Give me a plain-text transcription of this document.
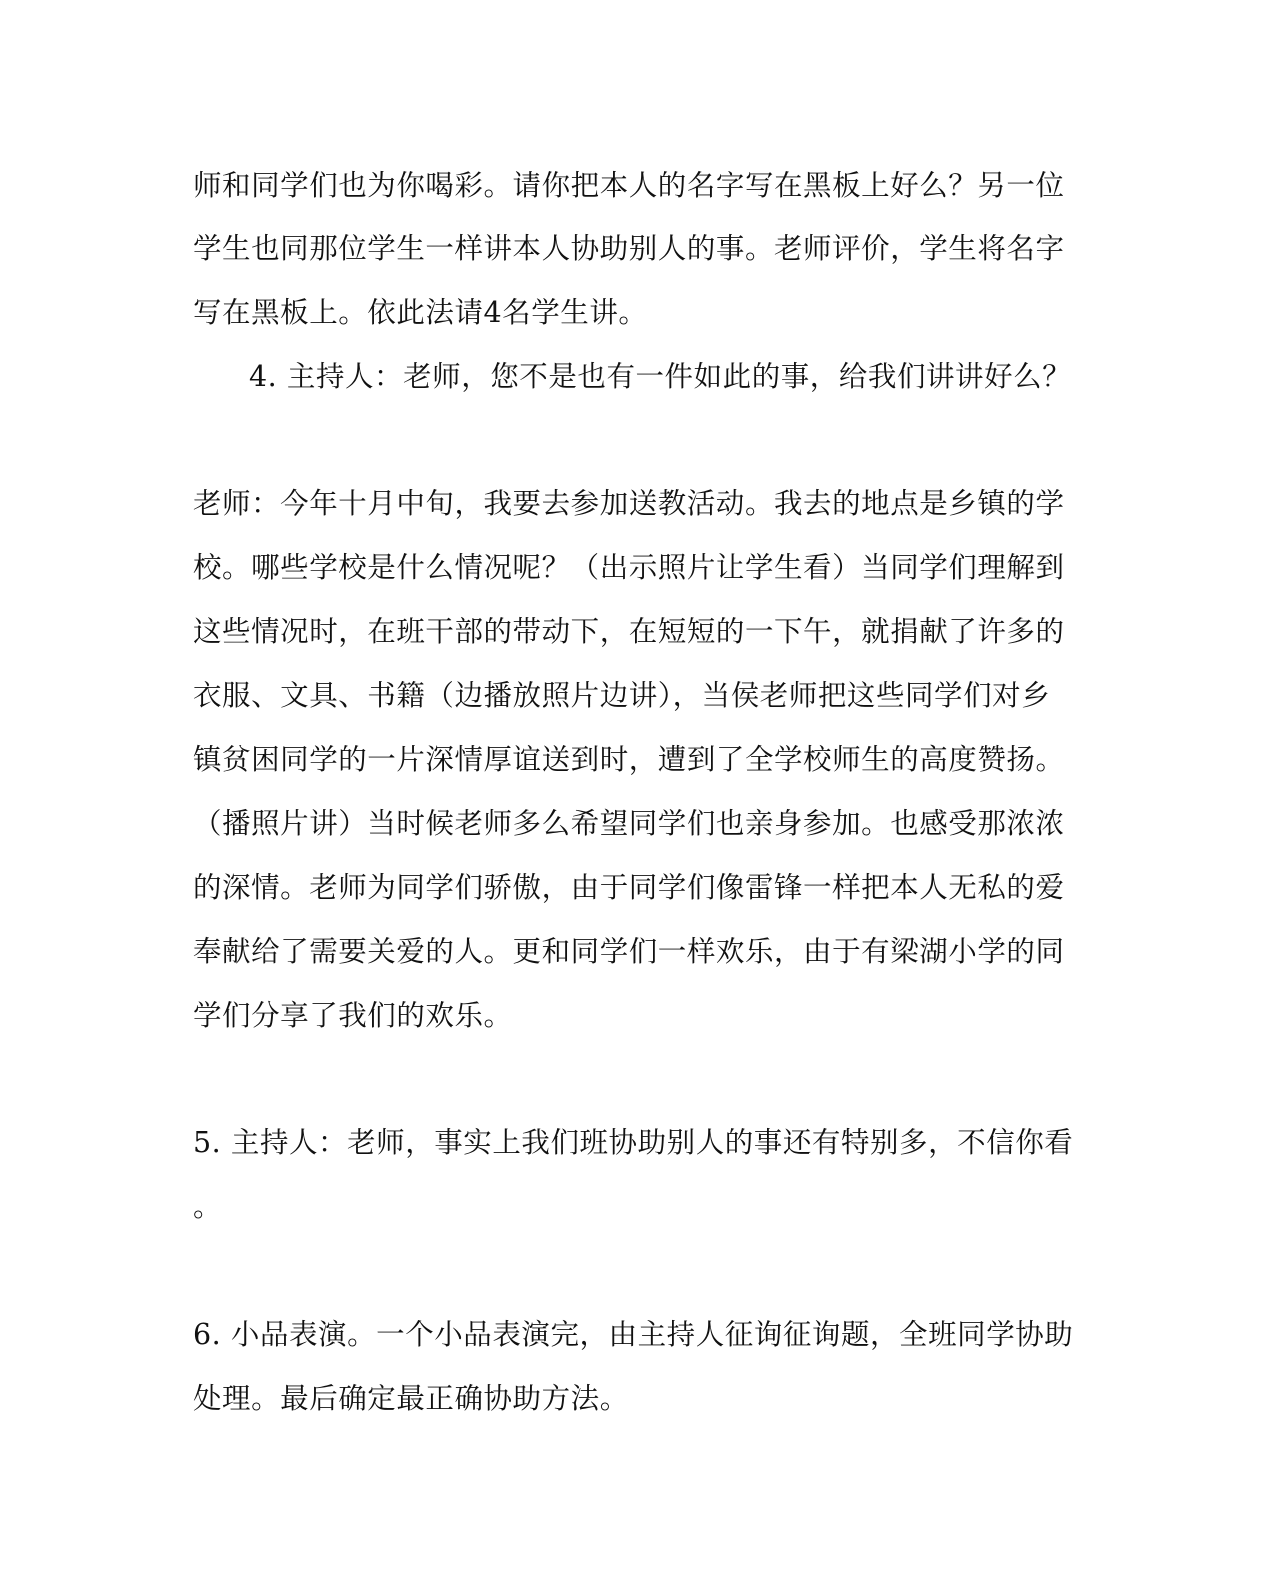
师和同学们也为你喝彩。请你把本人的名字写在黑板上好么？另一位
学生也同那位学生一样讲本人协助别人的事。老师评价，学生将名字
写在黑板上。依此法请4名学生讲。
4. 主持人：老师，您不是也有一件如此的事，给我们讲讲好么？
老师：今年十月中旬，我要去参加送教活动。我去的地点是乡镇的学
校。哪些学校是什么情况呢？（出示照片让学生看）当同学们理解到
这些情况时，在班干部的带动下，在短短的一下午，就捐献了许多的
衣服、文具、书籍（边播放照片边讲），当侯老师把这些同学们对乡
镇贫困同学的一片深情厚谊送到时，遭到了全学校师生的高度赞扬。
（播照片讲）当时候老师多么希望同学们也亲身参加。也感受那浓浓
的深情。老师为同学们骄傲，由于同学们像雷锋一样把本人无私的爱
奉献给了需要关爱的人。更和同学们一样欢乐，由于有梁湖小学的同
学们分享了我们的欢乐。
5. 主持人：老师，事实上我们班协助别人的事还有特别多，不信你看
。
6. 小品表演。一个小品表演完，由主持人征询征询题，全班同学协助
处理。最后确定最正确协助方法。
